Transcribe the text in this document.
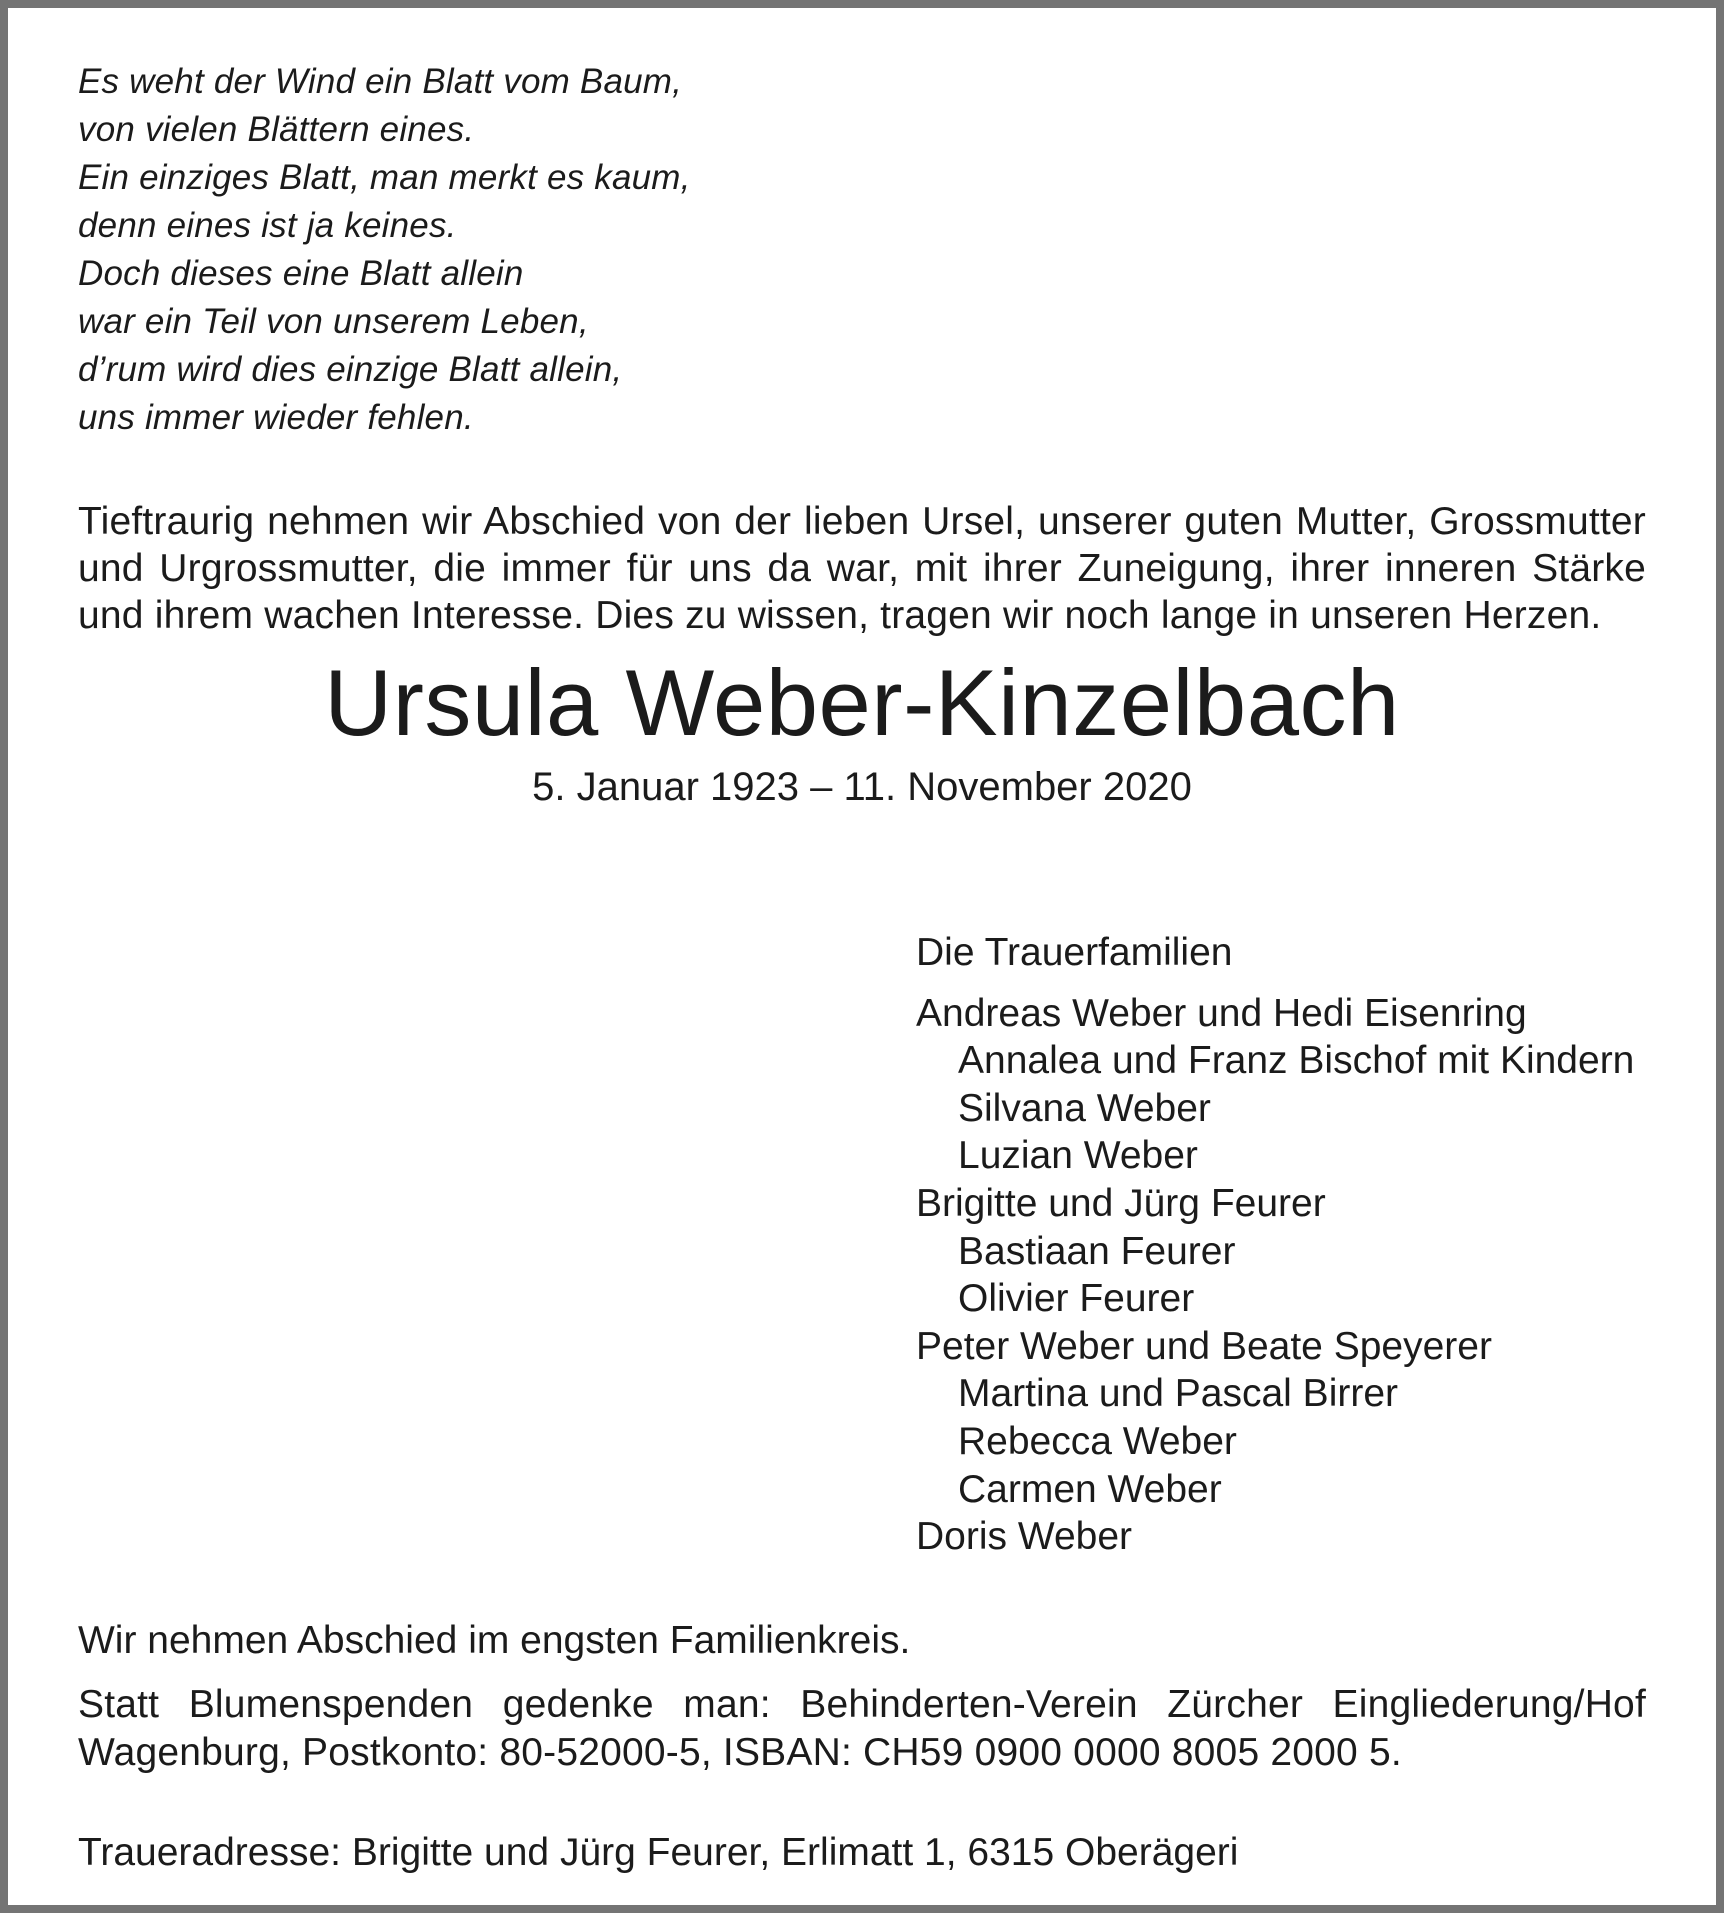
Es weht der Wind ein Blatt vom Baum,
von vielen Blättern eines.
Ein einziges Blatt, man merkt es kaum,
denn eines ist ja keines.
Doch dieses eine Blatt allein
war ein Teil von unserem Leben,
d’rum wird dies einzige Blatt allein,
uns immer wieder fehlen.

Tieftraurig nehmen wir Abschied von der lieben Ursel, unserer guten Mutter, Grossmutter und Urgrossmutter, die immer für uns da war, mit ihrer Zuneigung, ihrer inneren Stärke und ihrem wachen Interesse. Dies zu wissen, tragen wir noch lange in unseren Herzen.

Ursula Weber-Kinzelbach
5. Januar 1923 – 11. November 2020
Die Trauerfamilien
Andreas Weber und Hedi Eisenring
Annalea und Franz Bischof mit Kindern
Silvana Weber
Luzian Weber
Brigitte und Jürg Feurer
Bastiaan Feurer
Olivier Feurer
Peter Weber und Beate Speyerer
Martina und Pascal Birrer
Rebecca Weber
Carmen Weber
Doris Weber
Wir nehmen Abschied im engsten Familienkreis.

Statt Blumenspenden gedenke man: Behinderten-Verein Zürcher Eingliederung/Hof Wagenburg, Postkonto: 80-52000-5, ISBAN: CH59 0900 0000 8005 2000 5.

Traueradresse: Brigitte und Jürg Feurer, Erlimatt 1, 6315 Oberägeri
